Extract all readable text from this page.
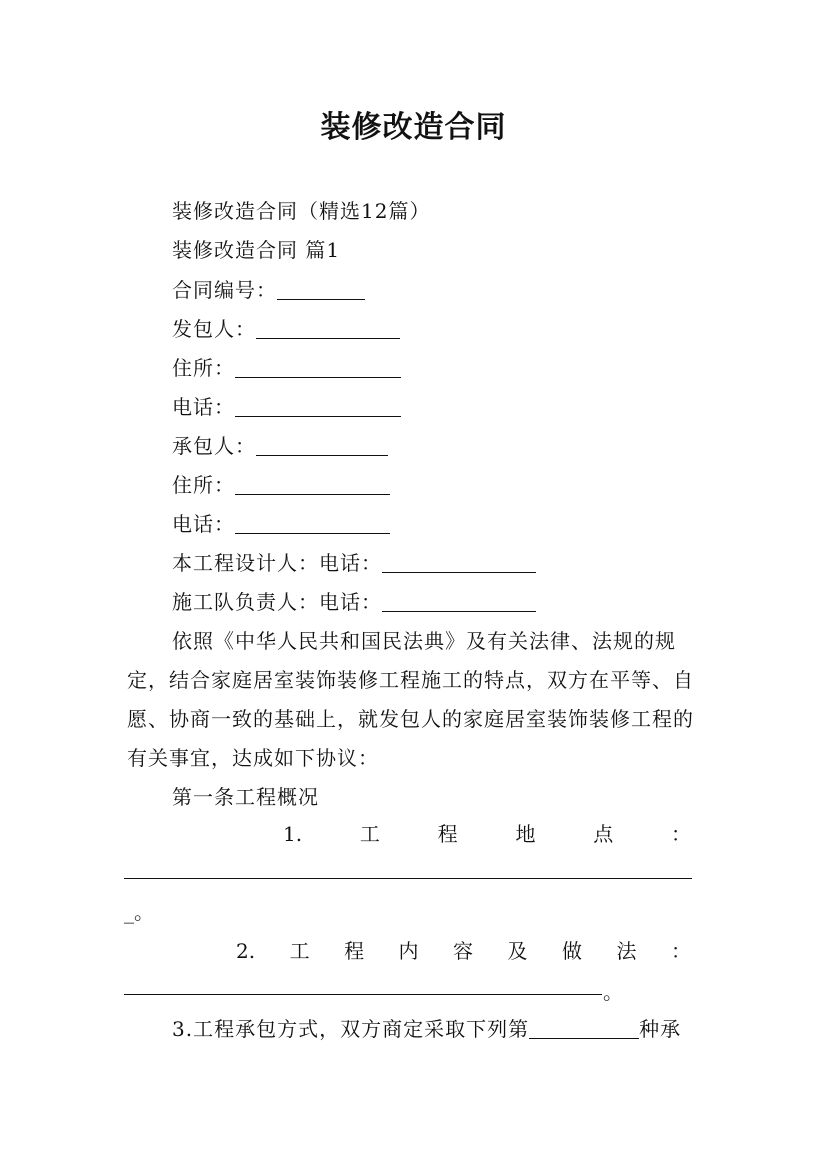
装修改造合同
装修改造合同（精选12篇）
装修改造合同 篇1
合同编号：
发包人：
住所：
电话：
承包人：
住所：
电话：
本工程设计人：电话：
施工队负责人：电话：

依照《中华人民共和国民法典》及有关法律、法规的规定，结合家庭居室装饰装修工程施工的特点，双方在平等、自愿、协商一致的基础上，就发包人的家庭居室装饰装修工程的有关事宜，达成如下协议：

第一条工程概况
1.	工	程	地	点	：
_。
2. 工 程 内 容 及 做 法 ：
。
3.工程承包方式，双方商定采取下列第	种承
